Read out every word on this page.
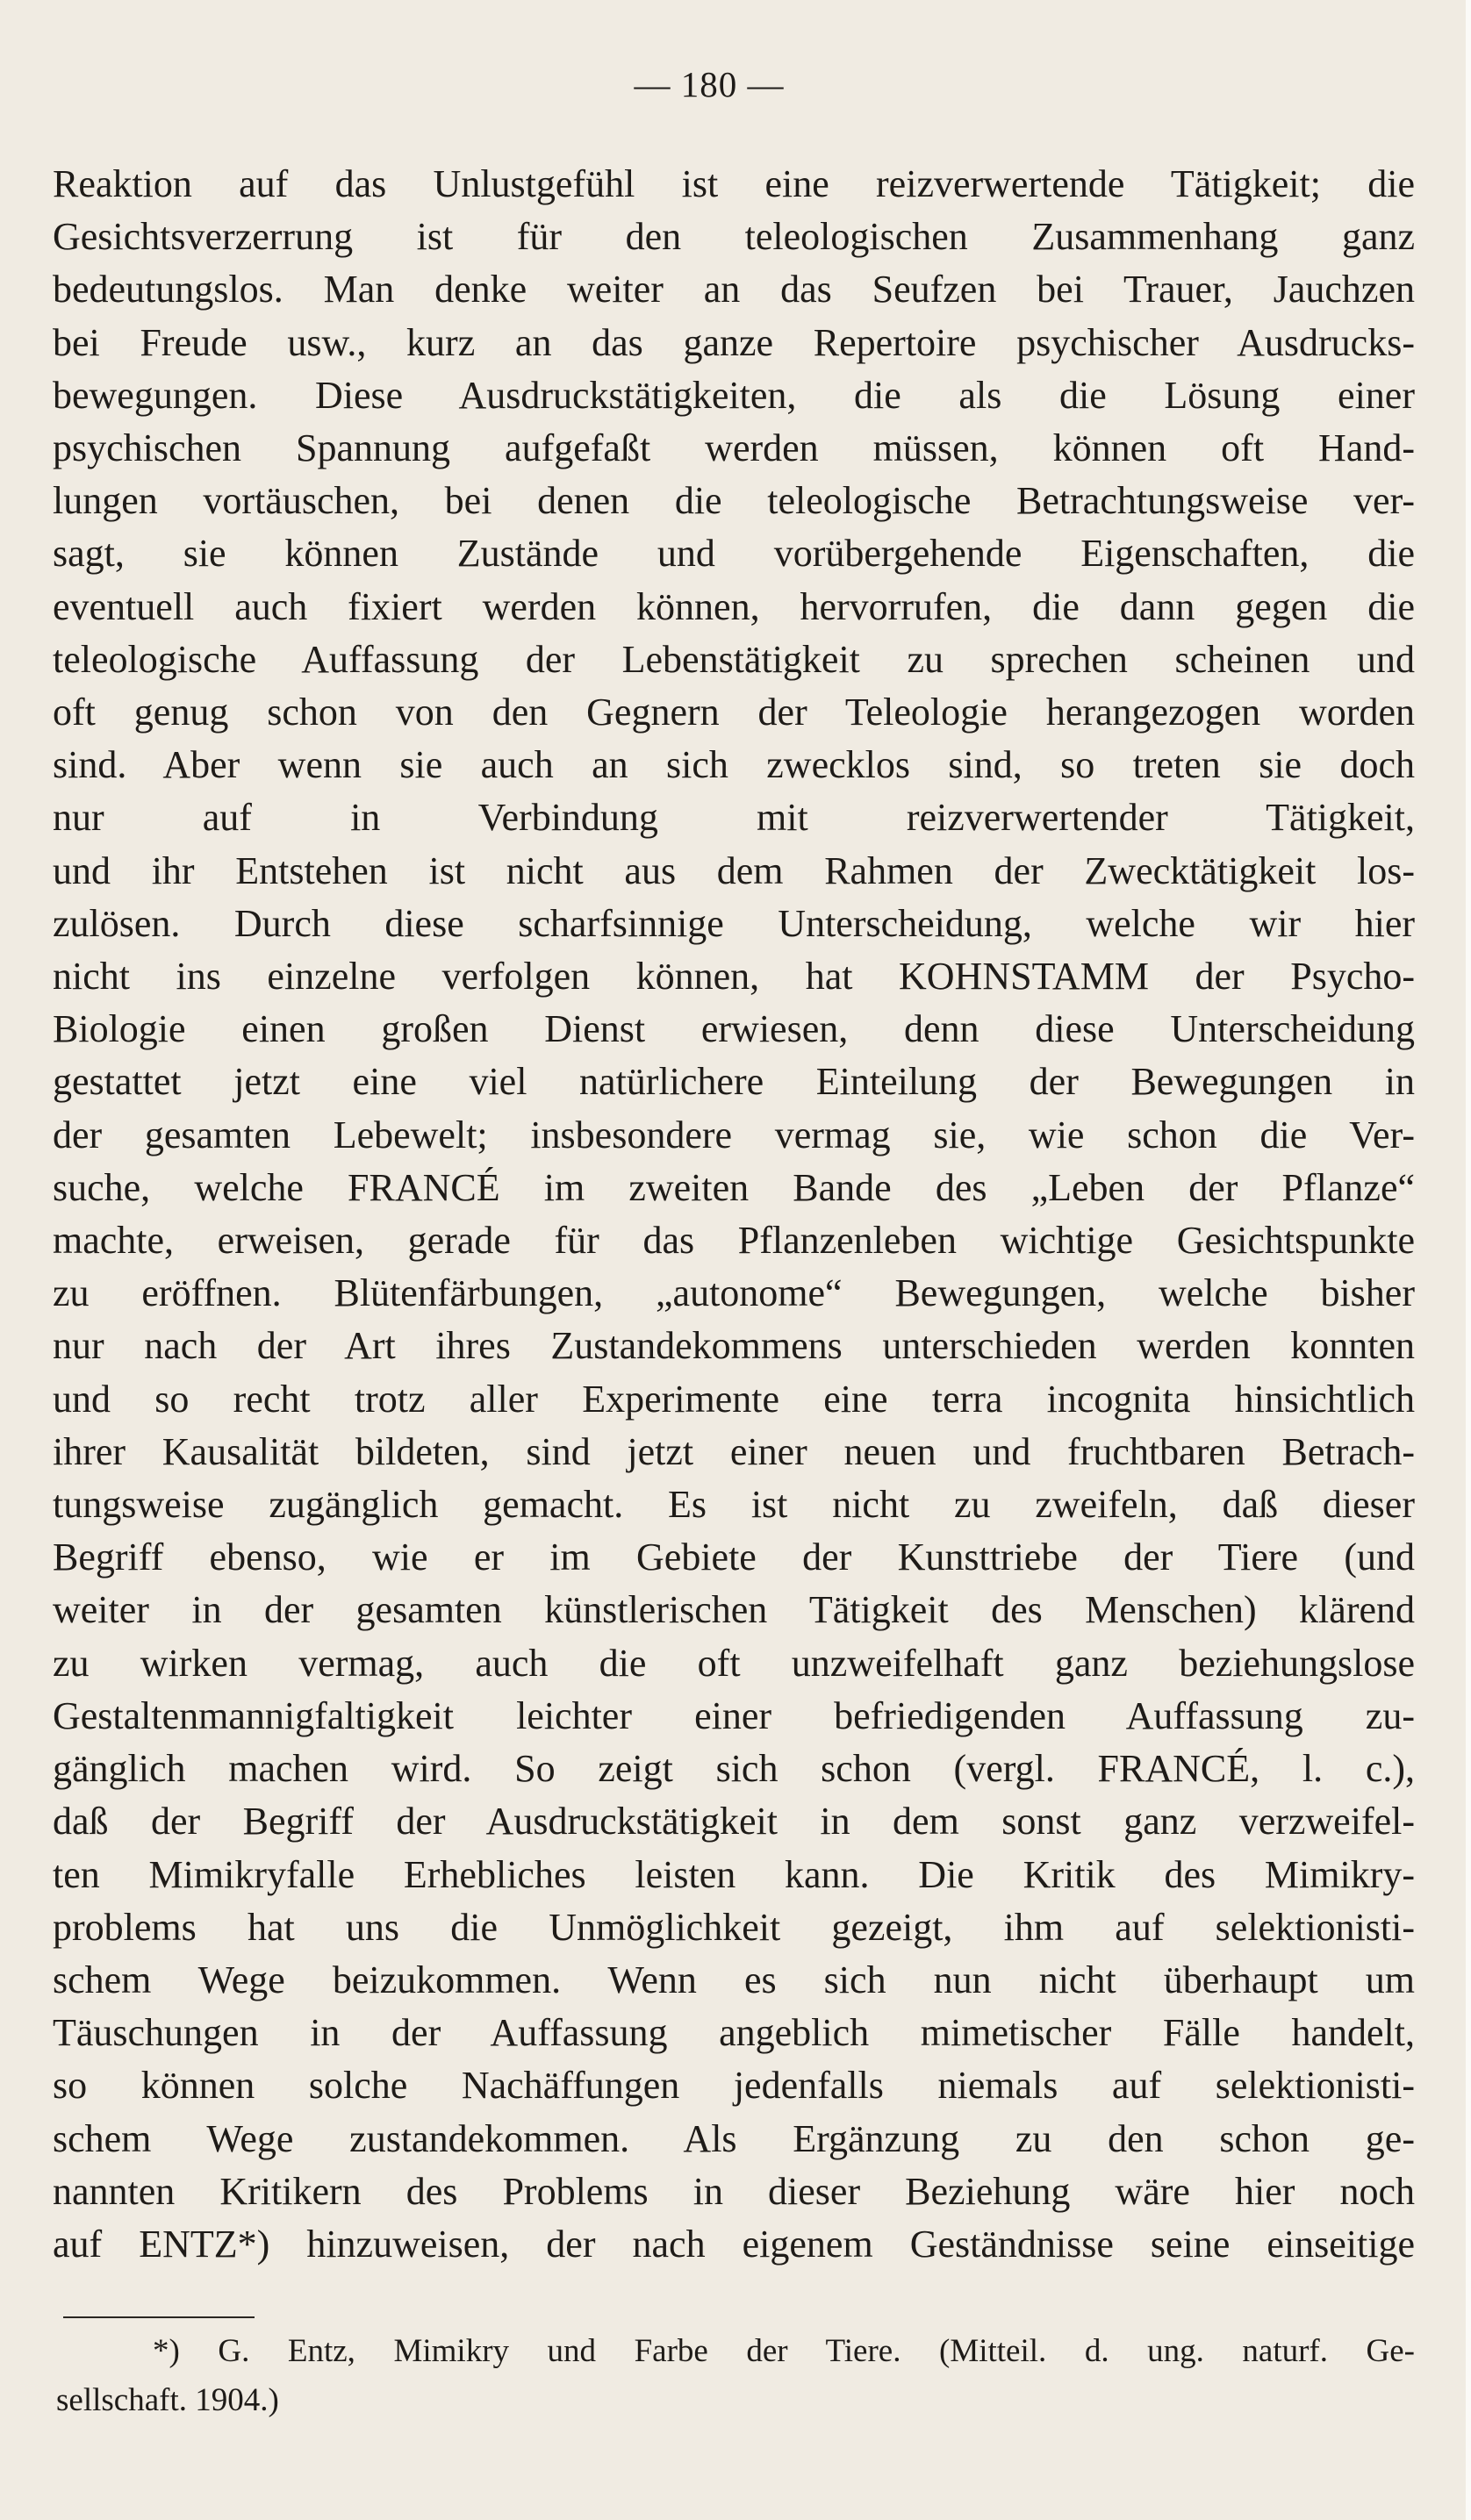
— 180 —
Reaktion auf das Unlustgefühl ist eine reizverwertende Tätigkeit; die
Gesichtsverzerrung ist für den teleologischen Zusammenhang ganz
bedeutungslos. Man denke weiter an das Seufzen bei Trauer, Jauchzen
bei Freude usw., kurz an das ganze Repertoire psychischer Ausdrucks-
bewegungen. Diese Ausdruckstätigkeiten, die als die Lösung einer
psychischen Spannung aufgefaßt werden müssen, können oft Hand-
lungen vortäuschen, bei denen die teleologische Betrachtungsweise ver-
sagt, sie können Zustände und vorübergehende Eigenschaften, die
eventuell auch fixiert werden können, hervorrufen, die dann gegen die
teleologische Auffassung der Lebenstätigkeit zu sprechen scheinen und
oft genug schon von den Gegnern der Teleologie herangezogen worden
sind. Aber wenn sie auch an sich zwecklos sind, so treten sie doch
nur auf in Verbindung mit reizverwertender Tätigkeit,
und ihr Entstehen ist nicht aus dem Rahmen der Zwecktätigkeit los-
zulösen. Durch diese scharfsinnige Unterscheidung, welche wir hier
nicht ins einzelne verfolgen können, hat KOHNSTAMM der Psycho-
Biologie einen großen Dienst erwiesen, denn diese Unterscheidung
gestattet jetzt eine viel natürlichere Einteilung der Bewegungen in
der gesamten Lebewelt; insbesondere vermag sie, wie schon die Ver-
suche, welche FRANCÉ im zweiten Bande des „Leben der Pflanze“
machte, erweisen, gerade für das Pflanzenleben wichtige Gesichtspunkte
zu eröffnen. Blütenfärbungen, „autonome“ Bewegungen, welche bisher
nur nach der Art ihres Zustandekommens unterschieden werden konnten
und so recht trotz aller Experimente eine terra incognita hinsichtlich
ihrer Kausalität bildeten, sind jetzt einer neuen und fruchtbaren Betrach-
tungsweise zugänglich gemacht. Es ist nicht zu zweifeln, daß dieser
Begriff ebenso, wie er im Gebiete der Kunsttriebe der Tiere (und
weiter in der gesamten künstlerischen Tätigkeit des Menschen) klärend
zu wirken vermag, auch die oft unzweifelhaft ganz beziehungslose
Gestaltenmannigfaltigkeit leichter einer befriedigenden Auffassung zu-
gänglich machen wird. So zeigt sich schon (vergl. FRANCÉ, l. c.),
daß der Begriff der Ausdruckstätigkeit in dem sonst ganz verzweifel-
ten Mimikryfalle Erhebliches leisten kann. Die Kritik des Mimikry-
problems hat uns die Unmöglichkeit gezeigt, ihm auf selektionisti-
schem Wege beizukommen. Wenn es sich nun nicht überhaupt um
Täuschungen in der Auffassung angeblich mimetischer Fälle handelt,
so können solche Nachäffungen jedenfalls niemals auf selektionisti-
schem Wege zustandekommen. Als Ergänzung zu den schon ge-
nannten Kritikern des Problems in dieser Beziehung wäre hier noch
auf ENTZ*) hinzuweisen, der nach eigenem Geständnisse seine einseitige
*) G. Entz, Mimikry und Farbe der Tiere. (Mitteil. d. ung. naturf. Ge-
sellschaft. 1904.)
